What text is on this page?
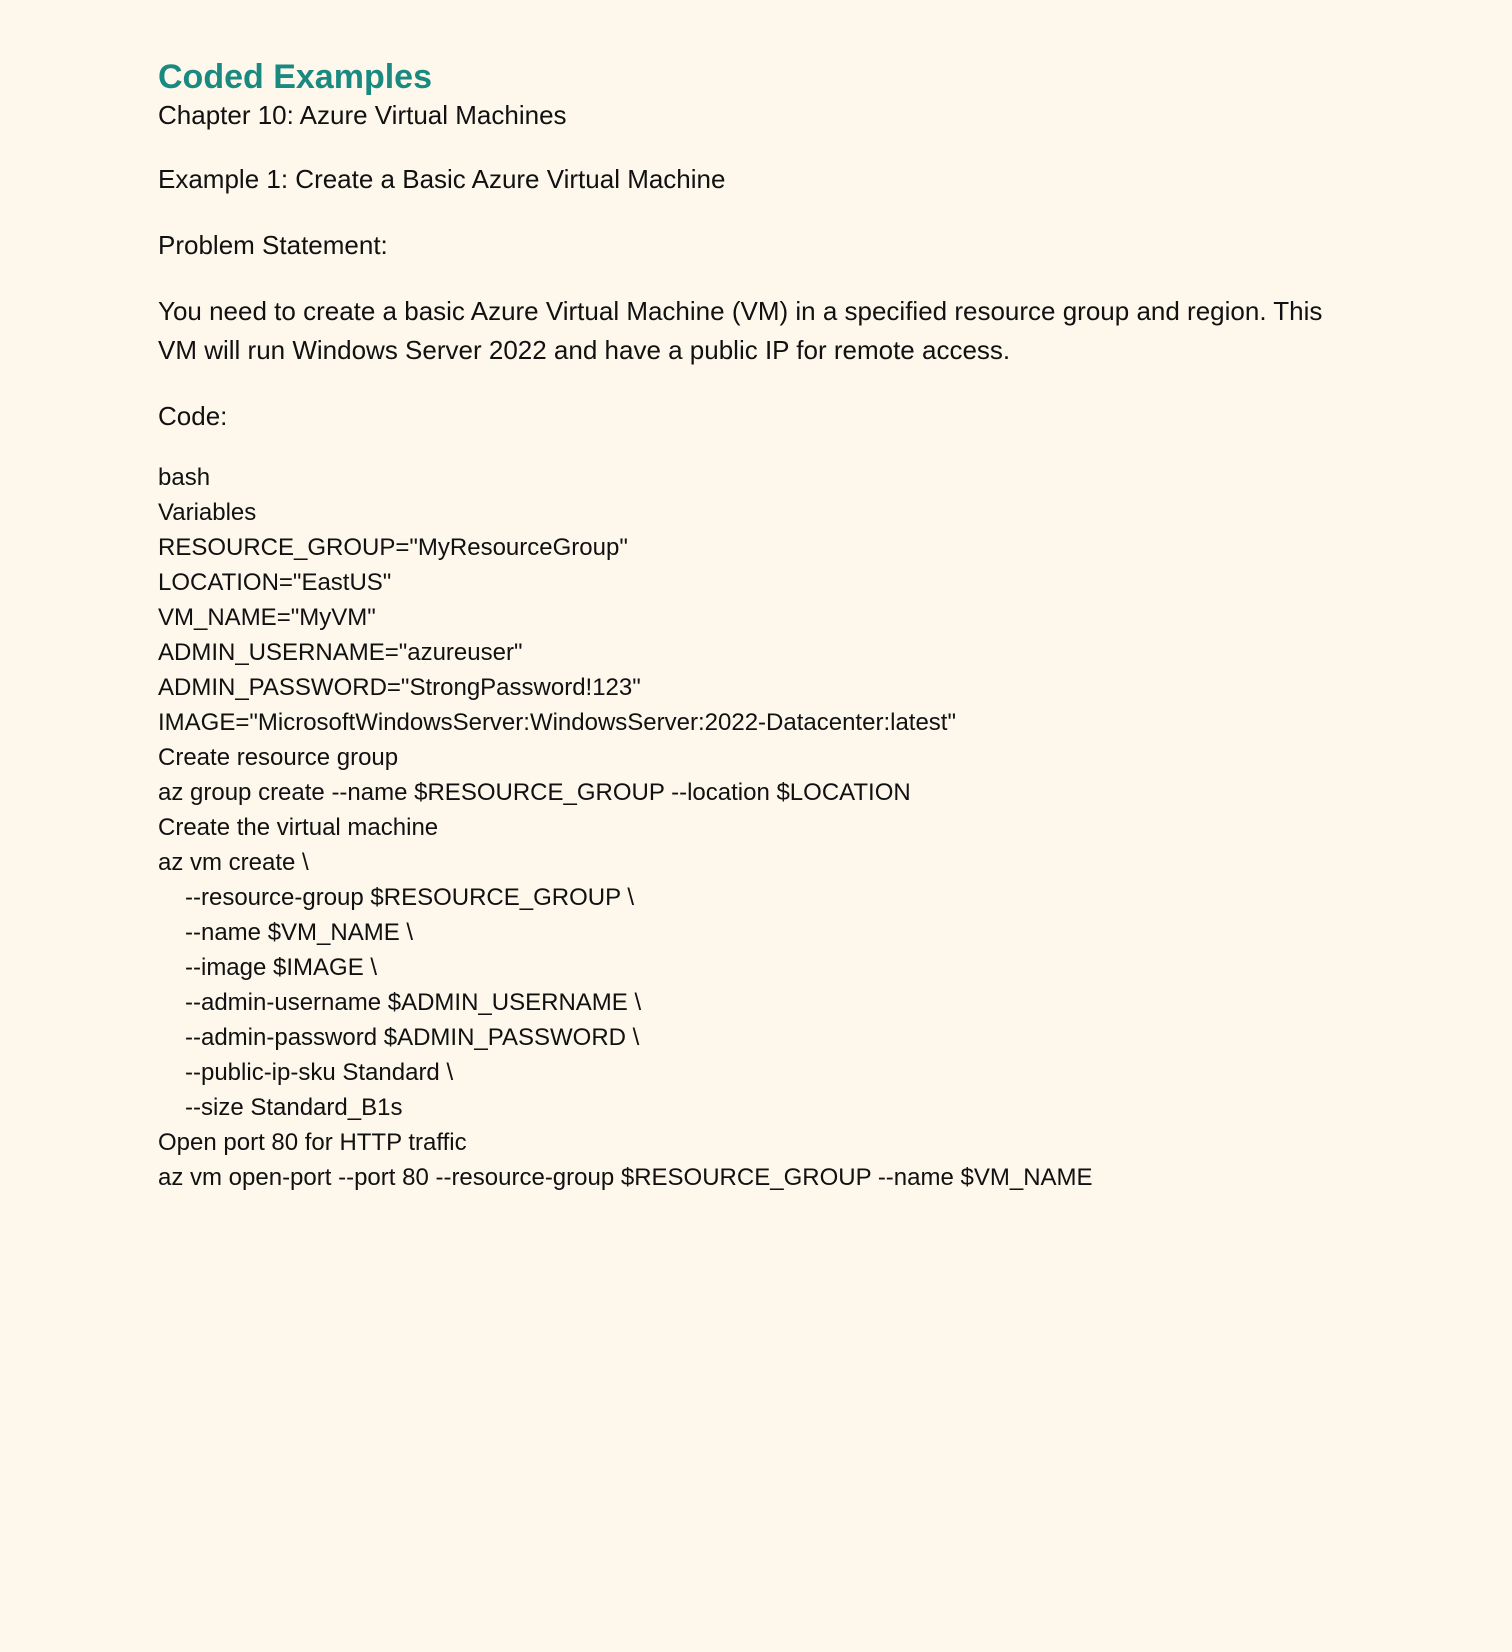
Coded Examples

Chapter 10: Azure Virtual Machines

Example 1: Create a Basic Azure Virtual Machine

Problem Statement:

You need to create a basic Azure Virtual Machine (VM) in a specified resource group and region. This VM will run Windows Server 2022 and have a public IP for remote access.

Code:

bash
Variables
RESOURCE_GROUP="MyResourceGroup"
LOCATION="EastUS"
VM_NAME="MyVM"
ADMIN_USERNAME="azureuser"
ADMIN_PASSWORD="StrongPassword!123"
IMAGE="MicrosoftWindowsServer:WindowsServer:2022-Datacenter:latest"
Create resource group
az group create --name $RESOURCE_GROUP --location $LOCATION
Create the virtual machine
az vm create \
--resource-group $RESOURCE_GROUP \
--name $VM_NAME \
--image $IMAGE \
--admin-username $ADMIN_USERNAME \
--admin-password $ADMIN_PASSWORD \
--public-ip-sku Standard \
--size Standard_B1s
Open port 80 for HTTP traffic
az vm open-port --port 80 --resource-group $RESOURCE_GROUP --name $VM_NAME
